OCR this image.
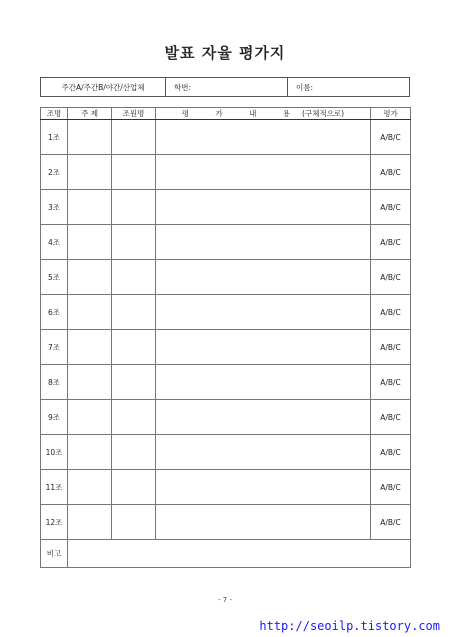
발표 자율 평가지
주간A/주간B/야간/산업체	학번:	이름:
조명	주 제	조원명	평 가 내 용(구체적으로)	평가
1조				A/B/C
2조				A/B/C
3조				A/B/C
4조				A/B/C
5조				A/B/C
6조				A/B/C
7조				A/B/C
8조				A/B/C
9조				A/B/C
10조				A/B/C
11조				A/B/C
12조				A/B/C
비고				
- 7 -
http://seoilp.tistory.com
